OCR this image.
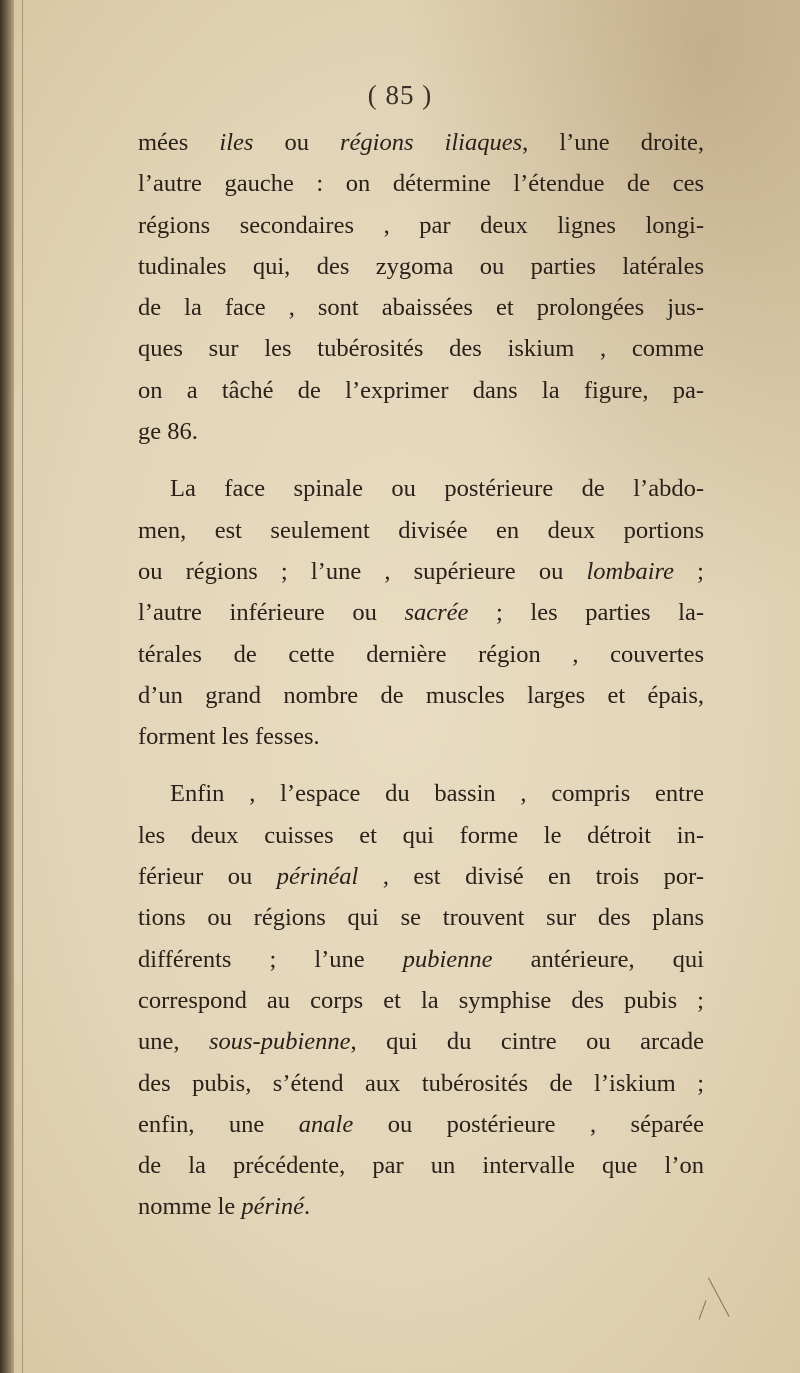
( 85 )
mées iles ou régions iliaques, l’une droite,
l’autre gauche : on détermine l’étendue de ces
régions secondaires , par deux lignes longi-
tudinales qui, des zygoma ou parties latérales
de la face , sont abaissées et prolongées jus-
ques sur les tubérosités des iskium , comme
on a tâché de l’exprimer dans la figure, pa-
ge 86.
La face spinale ou postérieure de l’abdo-
men, est seulement divisée en deux portions
ou régions ; l’une , supérieure ou lombaire ;
l’autre inférieure ou sacrée ; les parties la-
térales de cette dernière région , couvertes
d’un grand nombre de muscles larges et épais,
forment les fesses.
Enfin , l’espace du bassin , compris entre
les deux cuisses et qui forme le détroit in-
férieur ou périnéal , est divisé en trois por-
tions ou régions qui se trouvent sur des plans
différents ; l’une pubienne antérieure, qui
correspond au corps et la symphise des pubis ;
une, sous-pubienne, qui du cintre ou arcade
des pubis, s’étend aux tubérosités de l’iskium ;
enfin, une anale ou postérieure , séparée
de la précédente, par un intervalle que l’on
nomme le périné.
